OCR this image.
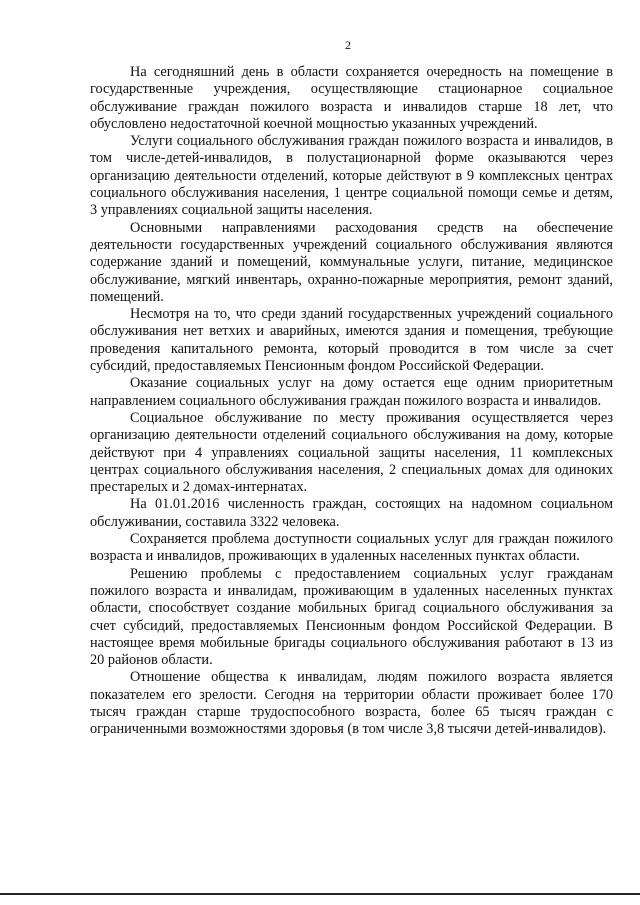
2

На сегодняшний день в области сохраняется очередность на помещение в государственные учреждения, осуществляющие стационарное социальное обслуживание граждан пожилого возраста и инвалидов старше 18 лет, что обусловлено недостаточной коечной мощностью указанных учреждений.

Услуги социального обслуживания граждан пожилого возраста и инвалидов, в том числе-детей-инвалидов, в полустационарной форме оказываются через организацию деятельности отделений, которые действуют в 9 комплексных центрах социального обслуживания населения, 1 центре социальной помощи семье и детям, 3 управлениях социальной защиты населения.

Основными направлениями расходования средств на обеспечение деятельности государственных учреждений социального обслуживания являются содержание зданий и помещений, коммунальные услуги, питание, медицинское обслуживание, мягкий инвентарь, охранно-пожарные мероприятия, ремонт зданий, помещений.

Несмотря на то, что среди зданий государственных учреждений социального обслуживания нет ветхих и аварийных, имеются здания и помещения, требующие проведения капитального ремонта, который проводится в том числе за счет субсидий, предоставляемых Пенсионным фондом Российской Федерации.

Оказание социальных услуг на дому остается еще одним приоритетным направлением социального обслуживания граждан пожилого возраста и инвалидов.

Социальное обслуживание по месту проживания осуществляется через организацию деятельности отделений социального обслуживания на дому, которые действуют при 4 управлениях социальной защиты населения, 11 комплексных центрах социального обслуживания населения, 2 специальных домах для одиноких престарелых и 2 домах-интернатах.

На 01.01.2016 численность граждан, состоящих на надомном социальном обслуживании, составила 3322 человека.

Сохраняется проблема доступности социальных услуг для граждан пожилого возраста и инвалидов, проживающих в удаленных населенных пунктах области.

Решению проблемы с предоставлением социальных услуг гражданам пожилого возраста и инвалидам, проживающим в удаленных населенных пунктах области, способствует создание мобильных бригад социального обслуживания за счет субсидий, предоставляемых Пенсионным фондом Российской Федерации. В настоящее время мобильные бригады социального обслуживания работают в 13 из 20 районов области.

Отношение общества к инвалидам, людям пожилого возраста является показателем его зрелости. Сегодня на территории области проживает более 170 тысяч граждан старше трудоспособного возраста, более 65 тысяч граждан с ограниченными возможностями здоровья (в том числе 3,8 тысячи детей-инвалидов).
